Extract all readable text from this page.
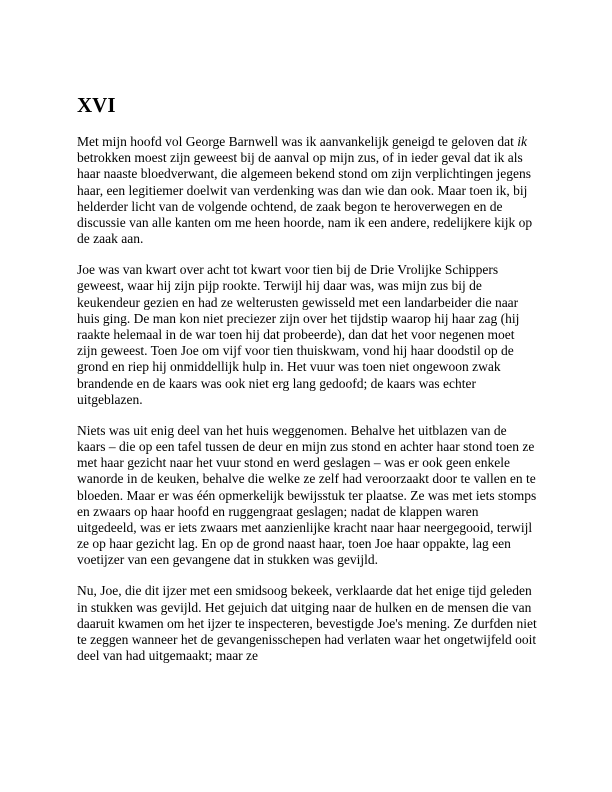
XVI

Met mijn hoofd vol George Barnwell was ik aanvankelijk geneigd te geloven dat ik betrokken moest zijn geweest bij de aanval op mijn zus, of in ieder geval dat ik als haar naaste bloedverwant, die algemeen bekend stond om zijn verplichtingen jegens haar, een legitiemer doelwit van verdenking was dan wie dan ook. Maar toen ik, bij helderder licht van de volgende ochtend, de zaak begon te heroverwegen en de discussie van alle kanten om me heen hoorde, nam ik een andere, redelijkere kijk op de zaak aan.

Joe was van kwart over acht tot kwart voor tien bij de Drie Vrolijke Schippers geweest, waar hij zijn pijp rookte. Terwijl hij daar was, was mijn zus bij de keukendeur gezien en had ze welterusten gewisseld met een landarbeider die naar huis ging. De man kon niet preciezer zijn over het tijdstip waarop hij haar zag (hij raakte helemaal in de war toen hij dat probeerde), dan dat het voor negenen moet zijn geweest. Toen Joe om vijf voor tien thuiskwam, vond hij haar doodstil op de grond en riep hij onmiddellijk hulp in. Het vuur was toen niet ongewoon zwak brandende en de kaars was ook niet erg lang gedoofd; de kaars was echter uitgeblazen.

Niets was uit enig deel van het huis weggenomen. Behalve het uitblazen van de kaars – die op een tafel tussen de deur en mijn zus stond en achter haar stond toen ze met haar gezicht naar het vuur stond en werd geslagen – was er ook geen enkele wanorde in de keuken, behalve die welke ze zelf had veroorzaakt door te vallen en te bloeden. Maar er was één opmerkelijk bewijsstuk ter plaatse. Ze was met iets stomps en zwaars op haar hoofd en ruggengraat geslagen; nadat de klappen waren uitgedeeld, was er iets zwaars met aanzienlijke kracht naar haar neergegooid, terwijl ze op haar gezicht lag. En op de grond naast haar, toen Joe haar oppakte, lag een voetijzer van een gevangene dat in stukken was gevijld.

Nu, Joe, die dit ijzer met een smidsoog bekeek, verklaarde dat het enige tijd geleden in stukken was gevijld. Het gejuich dat uitging naar de hulken en de mensen die van daaruit kwamen om het ijzer te inspecteren, bevestigde Joe's mening. Ze durfden niet te zeggen wanneer het de gevangenisschepen had verlaten waar het ongetwijfeld ooit deel van had uitgemaakt; maar ze
